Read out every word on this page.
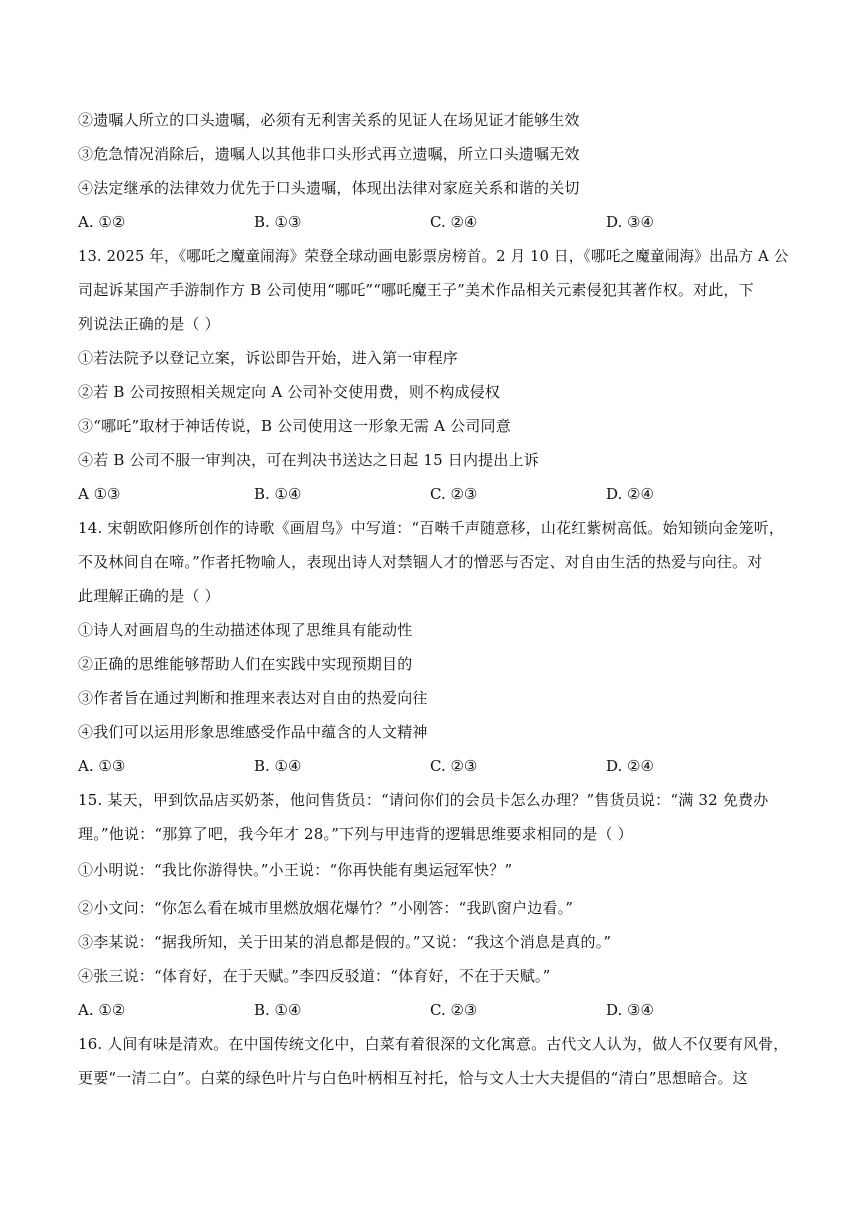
②遗嘱人所立的口头遗嘱，必须有无利害关系的见证人在场见证才能够生效
③危急情况消除后，遗嘱人以其他非口头形式再立遗嘱，所立口头遗嘱无效
④法定继承的法律效力优先于口头遗嘱，体现出法律对家庭关系和谐的关切
A. ①②	B. ①③	C. ②④	D. ③④
13. 2025 年，《哪吒之魔童闹海》荣登全球动画电影票房榜首。2 月 10 日，《哪吒之魔童闹海》出品方 A 公
司起诉某国产手游制作方 B 公司使用“哪吒”“哪吒魔王子”美术作品相关元素侵犯其著作权。对此，下
列说法正确的是（ ）
①若法院予以登记立案，诉讼即告开始，进入第一审程序
②若 B 公司按照相关规定向 A 公司补交使用费，则不构成侵权
③“哪吒”取材于神话传说，B 公司使用这一形象无需 A 公司同意
④若 B 公司不服一审判决，可在判决书送达之日起 15 日内提出上诉
A ①③	B. ①④	C. ②③	D. ②④
14. 宋朝欧阳修所创作的诗歌《画眉鸟》中写道：“百啭千声随意移，山花红紫树高低。始知锁向金笼听，
不及林间自在啼。”作者托物喻人，表现出诗人对禁锢人才的憎恶与否定、对自由生活的热爱与向往。对
此理解正确的是（ ）
①诗人对画眉鸟的生动描述体现了思维具有能动性
②正确的思维能够帮助人们在实践中实现预期目的
③作者旨在通过判断和推理来表达对自由的热爱向往
④我们可以运用形象思维感受作品中蕴含的人文精神
A. ①③	B. ①④	C. ②③	D. ②④
15. 某天，甲到饮品店买奶茶，他问售货员：“请问你们的会员卡怎么办理？”售货员说：“满 32 免费办
理。”他说：“那算了吧，我今年才 28。”下列与甲违背的逻辑思维要求相同的是（ ）
①小明说：“我比你游得快。”小王说：“你再快能有奥运冠军快？”
②小文问：“你怎么看在城市里燃放烟花爆竹？”小刚答：“我趴窗户边看。”
③李某说：“据我所知，关于田某的消息都是假的。”又说：“我这个消息是真的。”
④张三说：“体育好，在于天赋。”李四反驳道：“体育好，不在于天赋。”
A. ①②	B. ①④	C. ②③	D. ③④
16. 人间有味是清欢。在中国传统文化中，白菜有着很深的文化寓意。古代文人认为，做人不仅要有风骨，
更要“一清二白”。白菜的绿色叶片与白色叶柄相互衬托，恰与文人士大夫提倡的“清白”思想暗合。这
